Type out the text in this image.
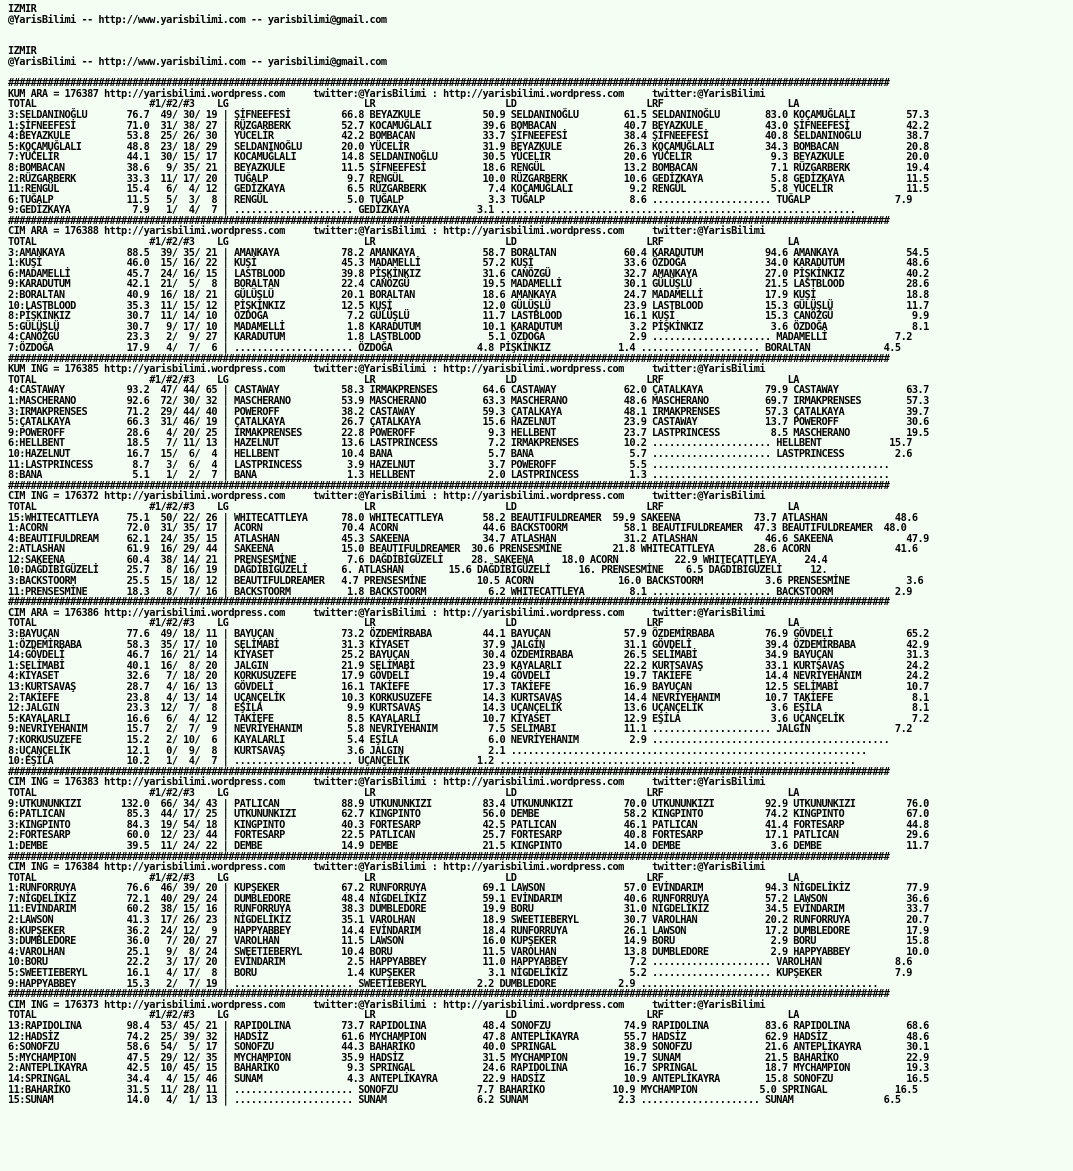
IZMIR
@YarisBilimi -- http://www.yarisbilimi.com -- yarisbilimi@gmail.com

IZMIR
@YarisBilimi -- http://www.yarisbilimi.com -- yarisbilimi@gmail.com

############################################################################################################################################################
KUM ARA = 176387 http://yarisbilimi.wordpress.com     twitter:@YarisBilimi : http://yarisbilimi.wordpress.com     twitter:@YarisBilimi
TOTAL                    #1/#2/#3    LG                        LR                       LD                       LRF                      LA
3:SELDANINOĞLU       76.7  49/ 30/ 19 | ŞİFNEEFESİ         66.8 BEYAZKULE           50.9 SELDANINOĞLU        61.5 SELDANINOĞLU        83.0 KOÇAMUĞLALI         57.3
1:ŞİFNEEFESİ         71.0  31/ 38/ 27 | RÜZGARBERK         52.7 KOCAMUĞLALI         39.6 BOMBACAN            40.7 BEYAZKULE           43.0 ŞİFNEEFESİ          42.2
4:BEYAZKULE          53.8  25/ 26/ 30 | YÜCELİR            42.2 BOMBACAN            33.7 ŞİFNEEFESİ          38.4 ŞİFNEEFESİ          40.8 SELDANINOĞLU        38.7
5:KOÇAMUĞLALI        48.8  23/ 18/ 29 | SELDANINOĞLU       20.0 YÜCELİR             31.9 BEYAZKULE           26.3 KOÇAMUĞLALI         34.3 BOMBACAN            20.8
7:YÜCELİR            44.1  30/ 15/ 17 | KOCAMUĞLALI        14.8 SELDANINOĞLU        30.5 YÜCELİR             20.6 YÜCELİR              9.3 BEYAZKULE           20.0
8:BOMBACAN           38.6   9/ 35/ 21 | BEYAZKULE          11.5 ŞİFNEEFESİ          18.6 RENGÜL              13.2 BOMBACAN             7.1 RÜZGARBERK          19.4
2:RÜZGARBERK         33.3  11/ 17/ 20 | TUĞALP              9.7 RENGÜL              10.0 RÜZGARBERK          10.6 GEDİZKAYA            5.8 GEDİZKAYA           11.5
11:RENGÜL            15.4   6/  4/ 12 | GEDİZKAYA           6.5 RÜZGARBERK           7.4 KOÇAMUĞLALI          9.2 RENGÜL               5.8 YÜCELİR             11.5
6:TUĞALP             11.5   5/  3/  8 | RENGÜL              5.0 TUĞALP               3.3 TUĞALP               8.6 ..................... TUĞALP               7.9
9:GEDİZKAYA           7.9   1/  4/  7 | ..................... GEDİZKAYA            3.1 ...............................................................
############################################################################################################################################################
CIM ARA = 176388 http://yarisbilimi.wordpress.com     twitter:@YarisBilimi : http://yarisbilimi.wordpress.com     twitter:@YarisBilimi
TOTAL                    #1/#2/#3    LG                        LR                       LD                       LRF                      LA
3:AMANKAYA           88.5  39/ 35/ 21 | AMANKAYA           78.2 AMANKAYA            58.7 BORALTAN            60.4 KARADUTUM           94.6 AMANKAYA            54.5
1:KUŞİ               46.0  15/ 16/ 22 | KUŞİ               45.3 MADAMELLİ           57.2 KUŞİ                33.6 ÖZDOĞA              34.0 KARADUTUM           48.6
6:MADAMELLİ          45.7  24/ 16/ 15 | LASTBLOOD          39.8 PİŞKİNKIZ           31.6 CANÖZGÜ             32.7 AMANKAYA            27.0 PİŞKİNKIZ           40.2
9:KARADUTUM          42.1  21/  5/  8 | BORALTAN           22.4 CANÖZGÜ             19.5 MADAMELLİ           30.1 GÜLÜŞLÜ             21.5 LASTBLOOD           28.6
2:BORALTAN           40.9  16/ 18/ 21 | GÜLÜŞLÜ            20.1 BORALTAN            18.6 AMANKAYA            24.7 MADAMELLİ           17.9 KUŞİ                18.8
10:LASTBLOOD         35.3  11/ 15/ 12 | PİŞKİNKIZ          12.5 KUŞİ                12.0 GÜLÜŞLÜ             23.9 LASTBLOOD           15.3 GÜLÜŞLÜ             11.7
8:PİŞKİNKIZ          30.7  11/ 14/ 10 | ÖZDOĞA              7.2 GÜLÜŞLÜ             11.7 LASTBLOOD           16.1 KUŞİ                15.3 CANÖZGÜ              9.9
5:GÜLÜŞLÜ            30.7   9/ 17/ 10 | MADAMELLİ           1.8 KARADUTUM           10.1 KARADUTUM            3.2 PİŞKİNKIZ            3.6 ÖZDOĞA               8.1
4:CANÖZGÜ            23.3   2/  9/ 27 | KARADUTUM           1.8 LASTBLOOD            5.1 ÖZDOĞA               2.9 ..................... MADAMELLİ            7.2
7:ÖZDOĞA             17.9   4/  7/  6 | ..................... ÖZDOĞA               4.8 PİŞKİNKIZ            1.4 ..................... BORALTAN             4.5
############################################################################################################################################################
KUM ING = 176385 http://yarisbilimi.wordpress.com     twitter:@YarisBilimi : http://yarisbilimi.wordpress.com     twitter:@YarisBilimi
TOTAL                    #1/#2/#3    LG                        LR                       LD                       LRF                      LA
4:CASTAWAY           93.2  47/ 44/ 65 | CASTAWAY           58.3 IRMAKPRENSES        64.6 CASTAWAY            62.0 ÇATALKAYA           79.9 CASTAWAY            63.7
1:MASCHERANO         92.6  72/ 30/ 32 | MASCHERANO         53.9 MASCHERANO          63.3 MASCHERANO          48.6 MASCHERANO          69.7 IRMAKPRENSES        57.3
3:IRMAKPRENSES       71.2  29/ 44/ 40 | POWEROFF           38.2 CASTAWAY            59.3 ÇATALKAYA           48.1 IRMAKPRENSES        57.3 ÇATALKAYA           39.7
5:ÇATALKAYA          66.3  31/ 46/ 19 | ÇATALKAYA          26.7 ÇATALKAYA           15.6 HAZELNUT            23.9 CASTAWAY            13.7 POWEROFF            30.6
9:POWEROFF           28.6   4/ 20/ 25 | IRMAKPRENSES       22.8 POWEROFF             9.3 HELLBENT            23.7 LASTPRINCESS         8.5 MASCHERANO          19.5
6:HELLBENT           18.5   7/ 11/ 13 | HAZELNUT           13.6 LASTPRINCESS         7.2 IRMAKPRENSES        10.2 ..................... HELLBENT            15.7
10:HAZELNUT          16.7  15/  6/  4 | HELLBENT           10.4 BANA                 5.7 BANA                 5.7 ..................... LASTPRINCESS         2.6
11:LASTPRINCESS       8.7   3/  6/  4 | LASTPRINCESS        3.9 HAZELNUT             3.7 POWEROFF             5.5 ..........................................
8:BANA                5.1   1/  2/  7 | BANA                1.3 HELLBENT             2.0 LASTPRINCESS         1.3 ..........................................
############################################################################################################################################################
CIM ING = 176372 http://yarisbilimi.wordpress.com     twitter:@YarisBilimi : http://yarisbilimi.wordpress.com     twitter:@YarisBilimi
TOTAL                    #1/#2/#3    LG                        LR                       LD                       LRF                      LA
15:WHITECATTLEYA     75.1  50/ 22/ 26 | WHITECATTLEYA      78.0 WHITECATTLEYA       58.2 BEAUTIFULDREAMER  59.9 SAKEENA             73.7 ATLASHAN            48.6
1:ACORN              72.0  31/ 35/ 17 | ACORN              70.4 ACORN               44.6 BACKSTOORM          58.1 BEAUTIFULDREAMER  47.3 BEAUTIFULDREAMER  48.0
4:BEAUTIFULDREAM     62.1  24/ 35/ 15 | ATLASHAN           45.3 SAKEENA             34.7 ATLASHAN            31.2 ATLASHAN            46.6 SAKEENA             47.9
2:ATLASHAN           61.9  16/ 29/ 44 | SAKEENA            15.0 BEAUTIFULDREAMER  30.6 PRENSESMİNE         21.8 WHITECATTLEYA       28.6 ACORN               41.6
12:SAKEENA           60.4  38/ 14/ 21 | PRENSESMİNE         7.6 DAĞDİBİGÜZELİ     28. SAKEENA     18.0 ACORN          22.9 WHITECATTLEYA     24.4
10:DAĞDİBİGÜZELİ     25.7   8/ 16/ 19 | DAĞDİBİGÜZELİ      6. ATLASHAN        15.6 DAĞDİBİGÜZELİ     16. PRENSESMİNE    6.5 DAĞDİBİGÜZELİ     12.
3:BACKSTOORM         25.5  15/ 18/ 12 | BEAUTIFULDREAMER   4.7 PRENSESMİNE         10.5 ACORN               16.0 BACKSTOORM           3.6 PRENSESMİNE          3.6
11:PRENSESMİNE       18.3   8/  7/ 16 | BACKSTOORM          1.8 BACKSTOORM           6.2 WHITECATTLEYA        8.1 ..................... BACKSTOORM           2.9
############################################################################################################################################################
CIM ARA = 176386 http://yarisbilimi.wordpress.com     twitter:@YarisBilimi : http://yarisbilimi.wordpress.com     twitter:@YarisBilimi
TOTAL                    #1/#2/#3    LG                        LR                       LD                       LRF                      LA
3:BAYUÇAN            77.6  49/ 18/ 11 | BAYUÇAN            73.2 ÖZDEMİRBABA         44.1 BAYUÇAN             57.9 ÖZDEMİRBABA         76.9 GÖVDELİ             65.2
1:ÖZDEMİRBABA        58.3  35/ 17/ 10 | SELİMABİ           31.3 KİYASET             37.9 JALGİN              31.1 GÖVDELİ             39.4 ÖZDEMİRBABA         42.9
14:GÖVDELİ           46.7  16/ 21/ 14 | KİYASET            25.2 BAYUÇAN             30.4 ÖZDEMİRBABA         26.5 SELİMABİ            34.9 BAYUÇAN             31.3
1:SELİMABİ           40.1  16/  8/ 20 | JALGIN             21.9 SELİMABİ            23.9 KAYALARLI           22.2 KURTSAVAŞ           33.1 KURTSAVAŞ           24.2
4:KİYASET            32.6   7/ 18/ 20 | KORKUSUZEFE        17.9 GÖVDELİ             19.4 GÖVDELİ             19.7 TAKİEFE             14.4 NEVRİYEHANIM        24.2
13:KURTSAVAŞ         28.7   4/ 16/ 13 | GÖVDELİ            16.1 TAKİEFE             17.3 TAKİEFE             16.9 BAYUÇAN             12.5 SELİMABİ            10.7
2:TAKİEFE            23.8   4/ 13/ 14 | UÇANÇELİK          10.3 KORKUSUZEFE         14.3 KURTSAVAŞ           14.4 NEVRİYEHANIM        10.7 TAKİEFE              8.1
12:JALGIN            23.3  12/  7/  8 | EŞİLA               9.9 KURTSAVAŞ           14.3 UÇANÇELİK           13.6 UÇANÇELİK            3.6 EŞİLA                8.1
5:KAYALARLI          16.6   6/  4/ 12 | TAKİEFE             8.5 KAYALARLI           10.7 KİYASET             12.9 EŞİLA                3.6 UÇANÇELİK            7.2
9:NEVRİYEHANIM       15.7   2/  7/  9 | NEVRİYEHANIM        5.8 NEVRİYEHANIM         7.5 SELİMABI            11.1 ..................... JALGIN               7.2
7:KORKUSUZEFE        15.2   2/ 10/  6 | KAYALARLI           5.4 EŞİLA                6.0 NEVRİYEHANIM         2.9 ..........................................
8:UÇANÇELİK          12.1   0/  9/  8 | KURTSAVAŞ           3.6 JALGIN               2.1 ...............................................................
10:EŞİLA             10.2   1/  4/  7 | ..................... UÇANÇELİK            1.2 ...............................................................
############################################################################################################################################################
CIM ING = 176383 http://yarisbilimi.wordpress.com     twitter:@YarisBilimi : http://yarisbilimi.wordpress.com     twitter:@YarisBilimi
TOTAL                    #1/#2/#3    LG                        LR                       LD                       LRF                      LA
9:UTKUNUNKIZI       132.0  66/ 34/ 43 | PATLICAN           88.9 UTKUNUNKIZI         83.4 UTKUNUNKIZI         70.0 UTKUNUNKIZI         92.9 UTKUNUNKIZI         76.0
6:PATLICAN           85.3  44/ 17/ 25 | UTKUNUNKIZI        62.7 KINGPINTO           56.0 DEMBE               58.2 KINGPINTO           74.2 KINGPINTO           67.0
3:KINGPINTO          84.3  19/ 54/ 18 | KINGPINTO          40.3 FORTESARP           42.5 PATLICAN            46.1 PATLICAN            41.4 FORTESARP           44.8
2:FORTESARP          60.0  12/ 23/ 44 | FORTESARP          22.5 PATLICAN            25.7 FORTESARP           40.8 FORTESARP           17.1 PATLICAN            29.6
1:DEMBE              39.5  11/ 24/ 22 | DEMBE              14.9 DEMBE               21.5 KINGPINTO           14.0 DEMBE                3.6 DEMBE               11.7
############################################################################################################################################################
CIM ING = 176384 http://yarisbilimi.wordpress.com     twitter:@YarisBilimi : http://yarisbilimi.wordpress.com     twitter:@YarisBilimi
TOTAL                    #1/#2/#3    LG                        LR                       LD                       LRF                      LA
1:RUNFORRUYA         76.6  46/ 39/ 20 | KUPŞEKER           67.2 RUNFORRUYA          69.1 LAWSON              57.0 EVİNDARIM           94.3 NİGDELİKİZ          77.9
7:NİGDELİKİZ         72.1  40/ 29/ 24 | DUMBLEDORE         48.4 NİGDELİKİZ          59.1 EVİNDARIM           40.6 RUNFORRUYA          57.2 LAWSON              36.6
11:EVİNDARIM         60.2  38/ 15/ 16 | RUNFORRUYA         38.3 DUMBLEDORE          19.9 BORU                31.0 NİGDELİKİZ          34.5 EVİNDARIM           33.7
2:LAWSON             41.3  17/ 26/ 23 | NİGDELİKİZ         35.1 VAROLHAN            18.9 SWEETIEBERYL        30.7 VAROLHAN            20.2 RUNFORRUYA          20.7
8:KUPŞEKER           36.2  24/ 12/  9 | HAPPYABBEY         14.4 EVİNDARIM           18.4 RUNFORRUYA          26.1 LAWSON              17.2 DUMBLEDORE          17.9
3:DUMBLEDORE         36.0   7/ 20/ 27 | VAROLHAN           11.5 LAWSON              16.0 KUPŞEKER            14.9 BORU                 2.9 BORU                15.8
4:VAROLHAN           25.1   9/  8/ 24 | SWEETIEBERYL       10.4 BORU                11.5 VAROLHAN            13.8 DUMBLEDORE           2.9 HAPPYABBEY          10.0
10:BORU              22.2   3/ 17/ 20 | EVİNDARIM           2.5 HAPPYABBEY          11.0 HAPPYABBEY           7.2 ..................... VAROLHAN             8.6
5:SWEETIEBERYL       16.1   4/ 17/  8 | BORU                1.4 KUPŞEKER             3.1 NİGDELİKİZ           5.2 ..................... KUPŞEKER             7.9
9:HAPPYABBEY         15.3   2/  7/ 19 | ..................... SWEETIEBERYL         2.2 DUMBLEDORE           2.9 ..........................................
############################################################################################################################################################
CIM ING = 176373 http://yarisbilimi.wordpress.com     twitter:@YarisBilimi : http://yarisbilimi.wordpress.com     twitter:@YarisBilimi
TOTAL                    #1/#2/#3    LG                        LR                       LD                       LRF                      LA
13:RAPIDOLINA        98.4  53/ 45/ 21 | RAPIDOLINA         73.7 RAPIDOLINA          48.4 SONOFZU             74.9 RAPIDOLINA          83.6 RAPIDOLINA          68.6
12:HADSİZ            74.2  25/ 39/ 32 | HADSİZ             61.6 MYCHAMPION          47.8 ANTEPLİKAYRA        55.7 HADSİZ              62.9 HADSİZ              48.6
6:SONOFZU            58.6  54/  5/ 17 | SONOFZU            44.3 BAHARİKO            40.0 SPRINGAL            38.9 SONOFZU             21.6 ANTEPLİKAYRA        30.1
5:MYCHAMPION         47.5  29/ 12/ 35 | MYCHAMPION         35.9 HADSİZ              31.5 MYCHAMPION          19.7 SUNAM               21.5 BAHARİKO            22.9
2:ANTEPLİKAYRA       42.5  10/ 45/ 15 | BAHARİKO            9.3 SPRINGAL            24.6 RAPIDOLINA          16.7 SPRINGAL            18.7 MYCHAMPION          19.3
14:SPRINGAL          34.4   4/ 15/ 46 | SUNAM               4.3 ANTEPLİKAYRA        22.9 HADSİZ              10.9 ANTEPLİKAYRA        15.8 SONOFZU             16.5
11:BAHARİKO          31.5  11/ 28/ 11 | ..................... SONOFZU              7.7 BAHARİKO            10.9 MYCHAMPION           5.0 SPRINGAL            16.5
15:SUNAM             14.0   4/  1/ 13 | ..................... SUNAM                6.2 SUNAM                2.3 ..................... SUNAM                6.5
